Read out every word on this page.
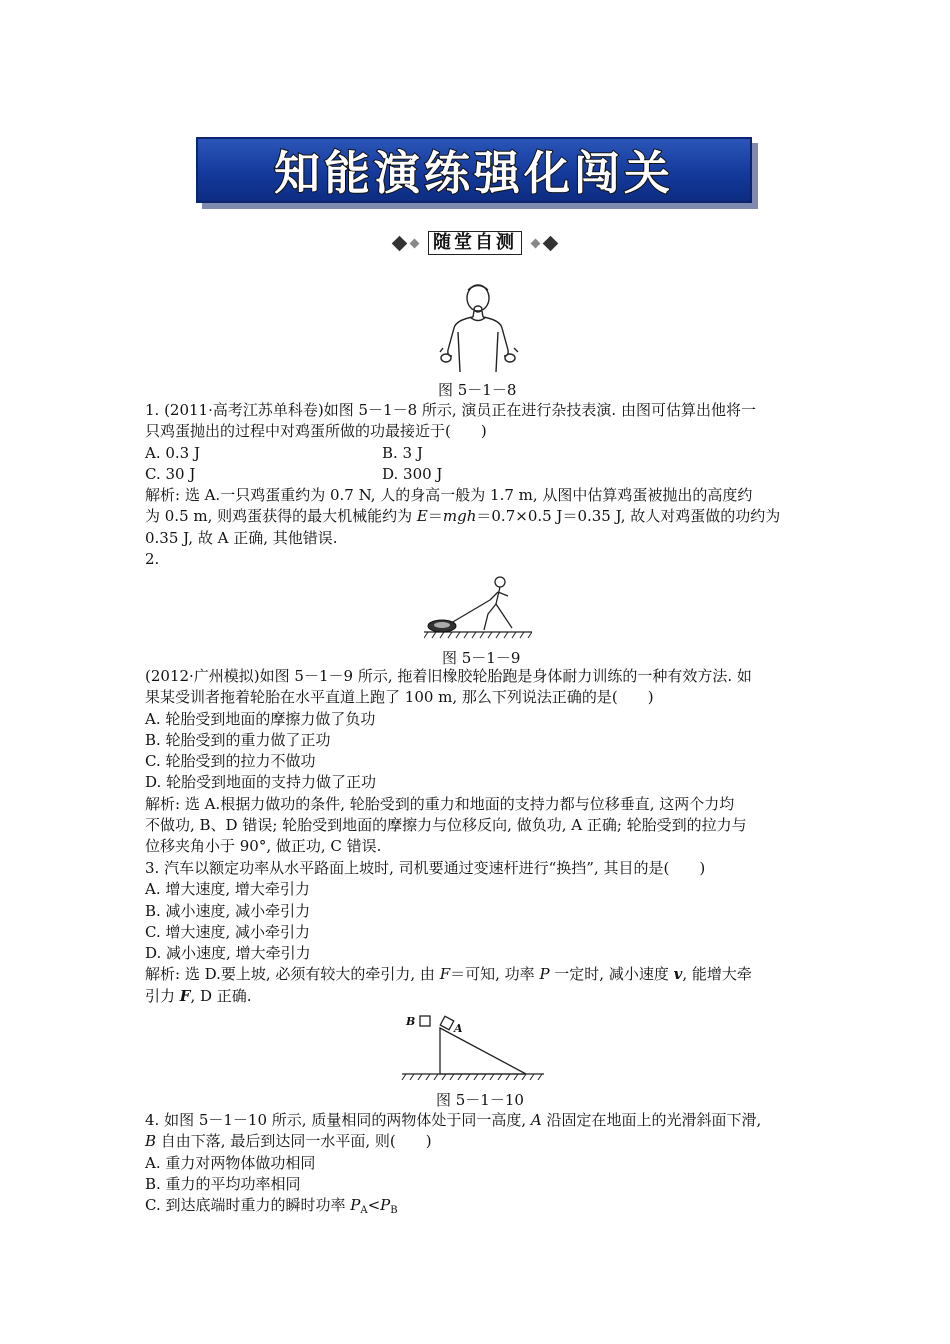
知能演练强化闯关
随堂自测
图 5－1－8
1. (2011·高考江苏单科卷)如图 5－1－8 所示, 演员正在进行杂技表演. 由图可估算出他将一
只鸡蛋抛出的过程中对鸡蛋所做的功最接近于(　　)
A. 0.3 J	B. 3 J
C. 30 J	D. 300 J
解析: 选 A.一只鸡蛋重约为 0.7 N, 人的身高一般为 1.7 m, 从图中估算鸡蛋被抛出的高度约
为 0.5 m, 则鸡蛋获得的最大机械能约为 E＝mgh＝0.7×0.5 J＝0.35 J, 故人对鸡蛋做的功约为
0.35 J, 故 A 正确, 其他错误.
2.
图 5－1－9
(2012·广州模拟)如图 5－1－9 所示, 拖着旧橡胶轮胎跑是身体耐力训练的一种有效方法. 如
果某受训者拖着轮胎在水平直道上跑了 100 m, 那么下列说法正确的是(　　)
A. 轮胎受到地面的摩擦力做了负功
B. 轮胎受到的重力做了正功
C. 轮胎受到的拉力不做功
D. 轮胎受到地面的支持力做了正功
解析: 选 A.根据力做功的条件, 轮胎受到的重力和地面的支持力都与位移垂直, 这两个力均
不做功, B、D 错误; 轮胎受到地面的摩擦力与位移反向, 做负功, A 正确; 轮胎受到的拉力与
位移夹角小于 90°, 做正功, C 错误.
3. 汽车以额定功率从水平路面上坡时, 司机要通过变速杆进行“换挡”, 其目的是(　　)
A. 增大速度, 增大牵引力
B. 减小速度, 减小牵引力
C. 增大速度, 减小牵引力
D. 减小速度, 增大牵引力
解析: 选 D.要上坡, 必须有较大的牵引力, 由 F＝可知, 功率 P 一定时, 减小速度 v, 能增大牵
引力 F, D 正确.
B
A
图 5－1－10
4. 如图 5－1－10 所示, 质量相同的两物体处于同一高度, A 沿固定在地面上的光滑斜面下滑,
B 自由下落, 最后到达同一水平面, 则(　　)
A. 重力对两物体做功相同
B. 重力的平均功率相同
C. 到达底端时重力的瞬时功率 $P_A<P_B$
